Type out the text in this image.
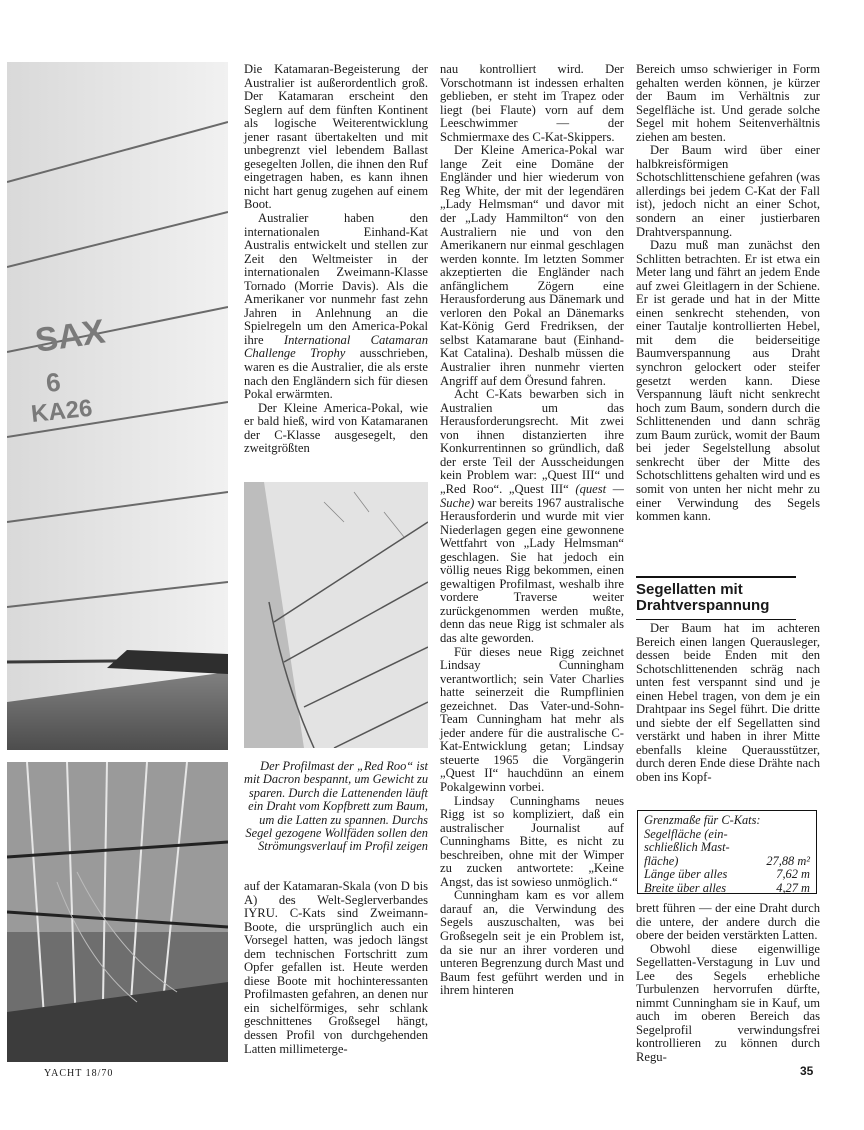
SAX
6
KA26

Die Katamaran-Begeisterung der Australier ist außerordentlich groß. Der Katamaran erscheint den Seglern auf dem fünften Kontinent als logische Weiterentwicklung jener rasant übertakelten und mit unbegrenzt viel lebendem Ballast gesegelten Jollen, die ihnen den Ruf eingetragen haben, es kann ihnen nicht hart genug zugehen auf einem Boot.

Australier haben den internationalen Einhand-Kat Australis entwickelt und stellen zur Zeit den Weltmeister in der internationalen Zweimann-Klasse Tornado (Morrie Davis). Als die Amerikaner vor nunmehr fast zehn Jahren in Anlehnung an die Spielregeln um den America-Pokal ihre International Catamaran Challenge Trophy ausschrieben, waren es die Australier, die als erste nach den Engländern sich für diesen Pokal erwärmten.

Der Kleine America-Pokal, wie er bald hieß, wird von Katamaranen der C-Klasse ausgesegelt, den zweitgrößten

Der Profilmast der „Red Roo“ ist mit Dacron bespannt, um Gewicht zu sparen. Durch die Lattenenden läuft ein Draht vom Kopfbrett zum Baum, um die Latten zu spannen. Durchs Segel gezogene Wollfäden sollen den Strömungsverlauf im Profil zeigen

auf der Katamaran-Skala (von D bis A) des Welt-Seglerverbandes IYRU. C-Kats sind Zweimann-Boote, die ursprünglich auch ein Vorsegel hatten, was jedoch längst dem technischen Fortschritt zum Opfer gefallen ist. Heute werden diese Boote mit hochinteressanten Profilmasten gefahren, an denen nur ein sichelförmiges, sehr schlank geschnittenes Großsegel hängt, dessen Profil von durchgehenden Latten millimeterge-

nau kontrolliert wird. Der Vorschotmann ist indessen erhalten geblieben, er steht im Trapez oder liegt (bei Flaute) vorn auf dem Leeschwimmer — der Schmiermaxe des C-Kat-Skippers.

Der Kleine America-Pokal war lange Zeit eine Domäne der Engländer und hier wiederum von Reg White, der mit der legendären „Lady Helmsman“ und davor mit der „Lady Hammilton“ von den Australiern nie und von den Amerikanern nur einmal geschlagen werden konnte. Im letzten Sommer akzeptierten die Engländer nach anfänglichem Zögern eine Herausforderung aus Dänemark und verloren den Pokal an Dänemarks Kat-König Gerd Fredriksen, der selbst Katamarane baut (Einhand-Kat Catalina). Deshalb müssen die Australier ihren nunmehr vierten Angriff auf dem Öresund fahren.

Acht C-Kats bewarben sich in Australien um das Herausforderungsrecht. Mit zwei von ihnen distanzierten ihre Konkurrentinnen so gründlich, daß der erste Teil der Ausscheidungen kein Problem war: „Quest III“ und „Red Roo“. „Quest III“ (quest — Suche) war bereits 1967 australische Herausforderin und wurde mit vier Niederlagen gegen eine gewonnene Wettfahrt von „Lady Helmsman“ geschlagen. Sie hat jedoch ein völlig neues Rigg bekommen, einen gewaltigen Profilmast, weshalb ihre vordere Traverse weiter zurückgenommen werden mußte, denn das neue Rigg ist schmaler als das alte geworden.

Für dieses neue Rigg zeichnet Lindsay Cunningham verantwortlich; sein Vater Charlies hatte seinerzeit die Rumpflinien gezeichnet. Das Vater-und-Sohn-Team Cunningham hat mehr als jeder andere für die australische C-Kat-Entwicklung getan; Lindsay steuerte 1965 die Vorgängerin „Quest II“ hauchdünn an einem Pokalgewinn vorbei.

Lindsay Cunninghams neues Rigg ist so kompliziert, daß ein australischer Journalist auf Cunninghams Bitte, es nicht zu beschreiben, ohne mit der Wimper zu zucken antwortete: „Keine Angst, das ist sowieso unmöglich.“

Cunningham kam es vor allem darauf an, die Verwindung des Segels auszuschalten, was bei Großsegeln seit je ein Problem ist, da sie nur an ihrer vorderen und unteren Begrenzung durch Mast und Baum fest geführt werden und in ihrem hinteren

Bereich umso schwieriger in Form gehalten werden können, je kürzer der Baum im Verhältnis zur Segelfläche ist. Und gerade solche Segel mit hohem Seitenverhältnis ziehen am besten.

Der Baum wird über einer halbkreisförmigen Schotschlittenschiene gefahren (was allerdings bei jedem C-Kat der Fall ist), jedoch nicht an einer Schot, sondern an einer justierbaren Drahtverspannung.

Dazu muß man zunächst den Schlitten betrachten. Er ist etwa ein Meter lang und fährt an jedem Ende auf zwei Gleitlagern in der Schiene. Er ist gerade und hat in der Mitte einen senkrecht stehenden, von einer Tautalje kontrollierten Hebel, mit dem die beiderseitige Baumverspannung aus Draht synchron gelockert oder steifer gesetzt werden kann. Diese Verspannung läuft nicht senkrecht hoch zum Baum, sondern durch die Schlittenenden und dann schräg zum Baum zurück, womit der Baum bei jeder Segelstellung absolut senkrecht über der Mitte des Schotschlittens gehalten wird und es somit von unten her nicht mehr zu einer Verwindung des Segels kommen kann.

Segellatten mit Drahtverspannung

Der Baum hat im achteren Bereich einen langen Querausleger, dessen beide Enden mit den Schotschlittenenden schräg nach unten fest verspannt sind und je einen Hebel tragen, von dem je ein Drahtpaar ins Segel führt. Die dritte und siebte der elf Segellatten sind verstärkt und haben in ihrer Mitte ebenfalls kleine Querausstützer, durch deren Ende diese Drähte nach oben ins Kopf-

Grenzmaße für C-Kats:
Segelfläche (ein-
schließlich Mast-
fläche)	27,88 m²
Länge über alles	7,62 m
Breite über alles	4,27 m

brett führen — der eine Draht durch die untere, der andere durch die obere der beiden verstärkten Latten.

Obwohl diese eigenwillige Segellatten-Verstagung in Luv und Lee des Segels erhebliche Turbulenzen hervorrufen dürfte, nimmt Cunningham sie in Kauf, um auch im oberen Bereich das Segelprofil verwindungsfrei kontrollieren zu können durch Regu-

YACHT 18/70	35
